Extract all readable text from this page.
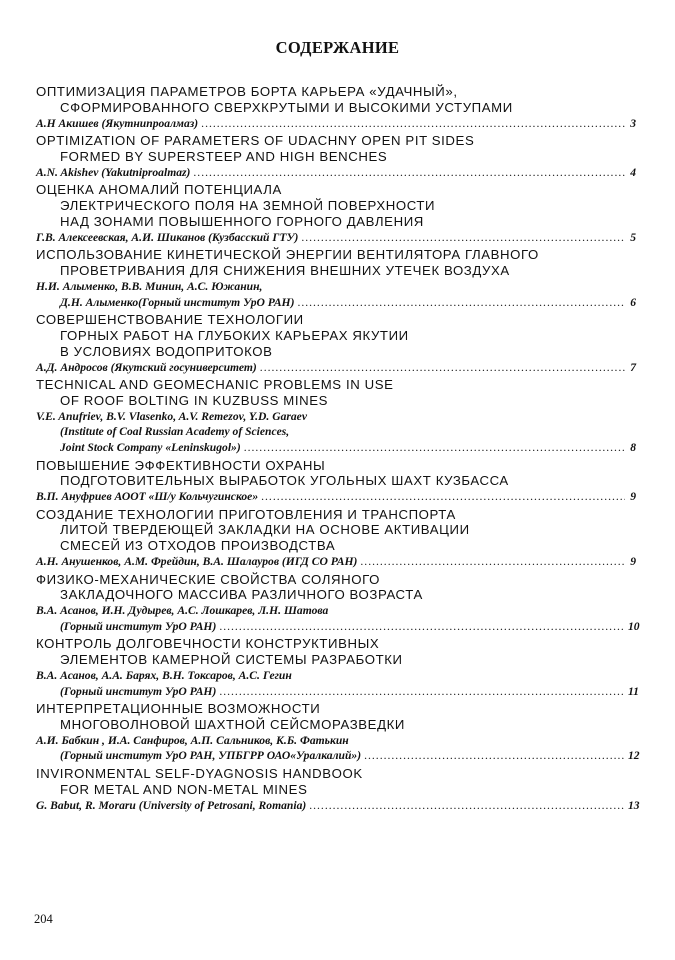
СОДЕРЖАНИЕ
ОПТИМИЗАЦИЯ ПАРАМЕТРОВ БОРТА КАРЬЕРА «УДАЧНЫЙ»,
СФОРМИРОВАННОГО СВЕРХКРУТЫМИ И ВЫСОКИМИ УСТУПАМИ
А.Н Акишев (Якутнипроалмаз) .....	3
OPTIMIZATION OF PARAMETERS OF UDACHNY OPEN PIT SIDES
FORMED BY SUPERSTEEP AND HIGH BENCHES
A.N. Akishev (Yakutniproalmaz) .....	4
ОЦЕНКА АНОМАЛИЙ ПОТЕНЦИАЛА
ЭЛЕКТРИЧЕСКОГО ПОЛЯ НА ЗЕМНОЙ ПОВЕРХНОСТИ
НАД ЗОНАМИ ПОВЫШЕННОГО ГОРНОГО ДАВЛЕНИЯ
Г.В. Алексеевская, А.И. Шиканов (Кузбасский ГТУ) .....	5
ИСПОЛЬЗОВАНИЕ КИНЕТИЧЕСКОЙ ЭНЕРГИИ ВЕНТИЛЯТОРА ГЛАВНОГО
ПРОВЕТРИВАНИЯ ДЛЯ СНИЖЕНИЯ ВНЕШНИХ УТЕЧЕК ВОЗДУХА
Н.И. Алыменко, В.В. Минин, А.С. Южанин,
Д.Н. Алыменко(Горный институт УрО РАН) .....	6
СОВЕРШЕНСТВОВАНИЕ ТЕХНОЛОГИИ
ГОРНЫХ РАБОТ НА ГЛУБОКИХ КАРЬЕРАХ ЯКУТИИ
В УСЛОВИЯХ ВОДОПРИТОКОВ
А.Д. Андросов (Якутский госуниверситет) .....	7
TECHNICAL AND GEOMECHANIC PROBLEMS IN USE
OF ROOF BOLTING IN KUZBUSS MINES
V.E. Anufriev, B.V. Vlasenko, A.V. Remezov, Y.D. Garaev
(Institute of Coal Russian Academy of Sciences,
Joint Stock Company «Leninskugol») .....	8
ПОВЫШЕНИЕ ЭФФЕКТИВНОСТИ ОХРАНЫ
ПОДГОТОВИТЕЛЬНЫХ ВЫРАБОТОК УГОЛЬНЫХ ШАХТ КУЗБАССА
В.П. Ануфриев АООТ «Ш/у Кольчугинское» .....	9
СОЗДАНИЕ ТЕХНОЛОГИИ ПРИГОТОВЛЕНИЯ И ТРАНСПОРТА
ЛИТОЙ ТВЕРДЕЮЩЕЙ ЗАКЛАДКИ НА ОСНОВЕ АКТИВАЦИИ
СМЕСЕЙ ИЗ ОТХОДОВ ПРОИЗВОДСТВА
А.Н. Анушенков, А.М. Фрейдин, В.А. Шалауров (ИГД СО РАН) .....	9
ФИЗИКО-МЕХАНИЧЕСКИЕ СВОЙСТВА СОЛЯНОГО
ЗАКЛАДОЧНОГО МАССИВА РАЗЛИЧНОГО ВОЗРАСТА
В.А. Асанов, И.Н. Дудырев, А.С. Лошкарев, Л.Н. Шатова
(Горный институт УрО РАН) .....	10
КОНТРОЛЬ ДОЛГОВЕЧНОСТИ КОНСТРУКТИВНЫХ
ЭЛЕМЕНТОВ КАМЕРНОЙ СИСТЕМЫ РАЗРАБОТКИ
В.А. Асанов, А.А. Барях, В.Н. Токсаров, А.С. Гегин
(Горный институт УрО РАН) .....	11
ИНТЕРПРЕТАЦИОННЫЕ ВОЗМОЖНОСТИ
МНОГОВОЛНОВОЙ ШАХТНОЙ СЕЙСМОРАЗВЕДКИ
А.И. Бабкин , И.А. Санфиров, А.П. Сальников, К.Б. Фатькин
(Горный институт УрО РАН, УПБГРР ОАО«Уралкалий») .....	12
INVIRONMENTAL SELF-DYAGNOSIS HANDBOOK
FOR METAL AND NON-METAL MINES
G. Babut, R. Moraru (University of Petrosani, Romania) .....	13
204
